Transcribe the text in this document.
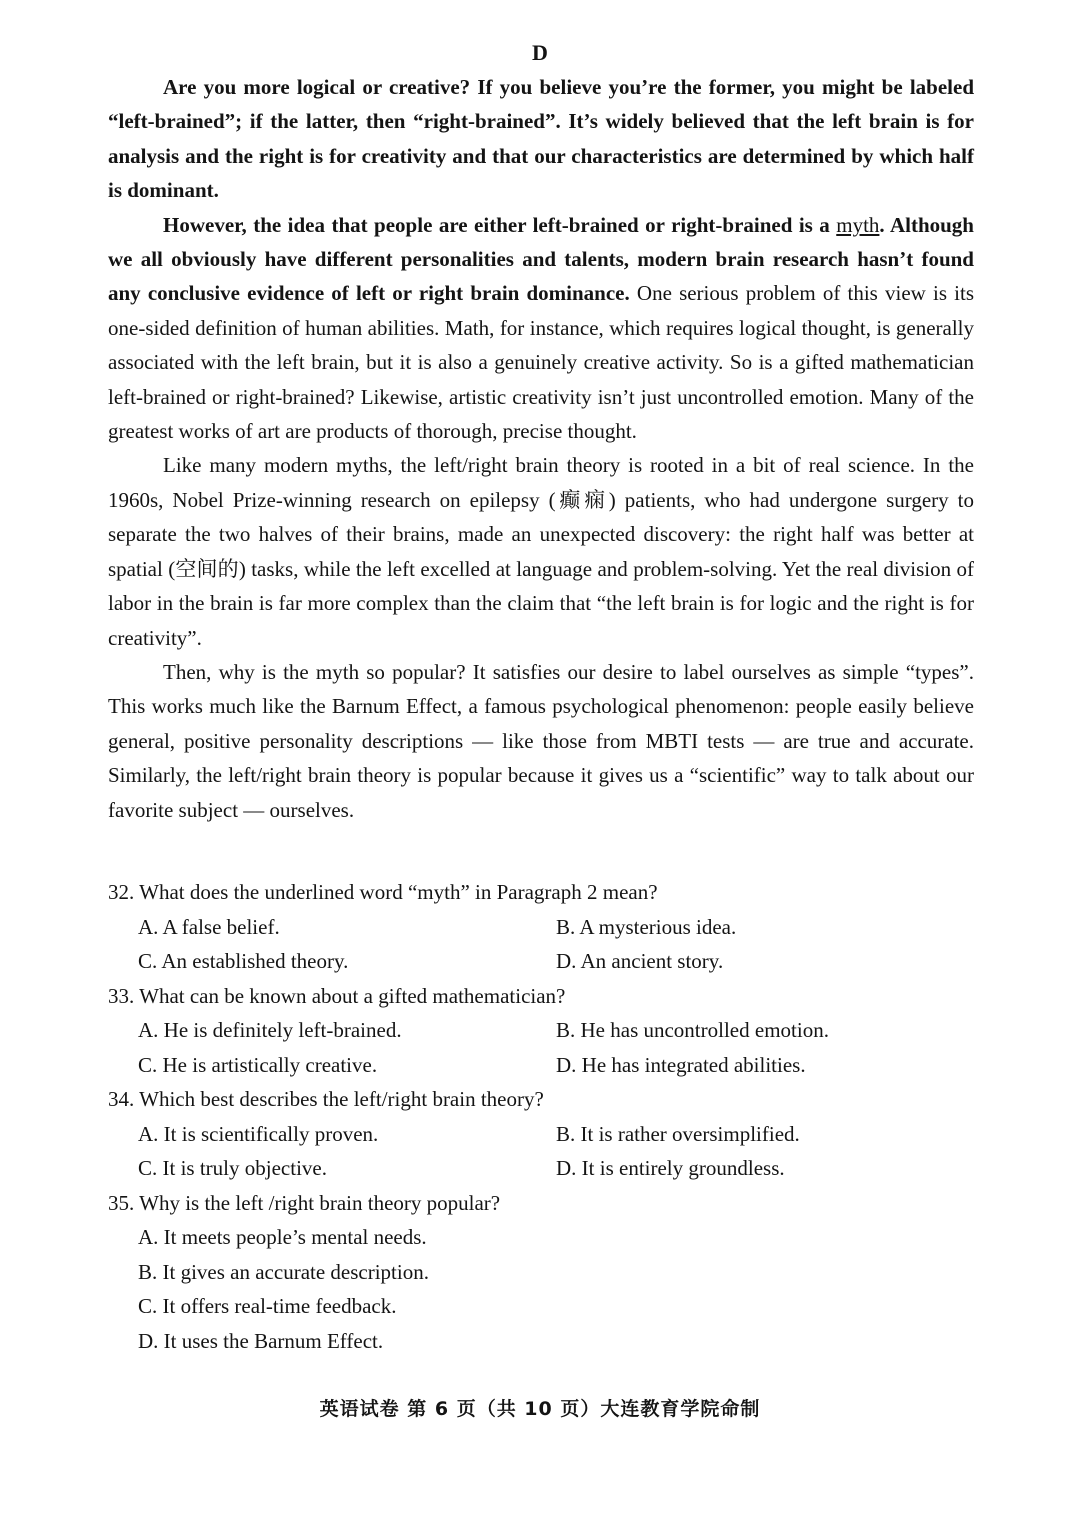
D

Are you more logical or creative? If you believe you’re the former, you might be labeled “left-brained”; if the latter, then “right-brained”. It’s widely believed that the left brain is for analysis and the right is for creativity and that our characteristics are determined by which half is dominant.

However, the idea that people are either left-brained or right-brained is a myth. Although we all obviously have different personalities and talents, modern brain research hasn’t found any conclusive evidence of left or right brain dominance. One serious problem of this view is its one-sided definition of human abilities. Math, for instance, which requires logical thought, is generally associated with the left brain, but it is also a genuinely creative activity. So is a gifted mathematician left-brained or right-brained? Likewise, artistic creativity isn’t just uncontrolled emotion. Many of the greatest works of art are products of thorough, precise thought.

Like many modern myths, the left/right brain theory is rooted in a bit of real science. In the 1960s, Nobel Prize-winning research on epilepsy (癫痫) patients, who had undergone surgery to separate the two halves of their brains, made an unexpected discovery: the right half was better at spatial (空间的) tasks, while the left excelled at language and problem-solving. Yet the real division of labor in the brain is far more complex than the claim that “the left brain is for logic and the right is for creativity”.

Then, why is the myth so popular? It satisfies our desire to label ourselves as simple “types”. This works much like the Barnum Effect, a famous psychological phenomenon: people easily believe general, positive personality descriptions — like those from MBTI tests — are true and accurate. Similarly, the left/right brain theory is popular because it gives us a “scientific” way to talk about our favorite subject — ourselves.

32. What does the underlined word “myth” in Paragraph 2 mean?

A. A false belief.	B. A mysterious idea.
C. An established theory.	D. An ancient story.

33. What can be known about a gifted mathematician?

A. He is definitely left-brained.	B. He has uncontrolled emotion.
C. He is artistically creative.	D. He has integrated abilities.

34. Which best describes the left/right brain theory?

A. It is scientifically proven.	B. It is rather oversimplified.
C. It is truly objective.	D. It is entirely groundless.

35. Why is the left /right brain theory popular?

A. It meets people’s mental needs.
B. It gives an accurate description.
C. It offers real-time feedback.
D. It uses the Barnum Effect.
英语试卷 第 6 页（共 10 页）大连教育学院命制
